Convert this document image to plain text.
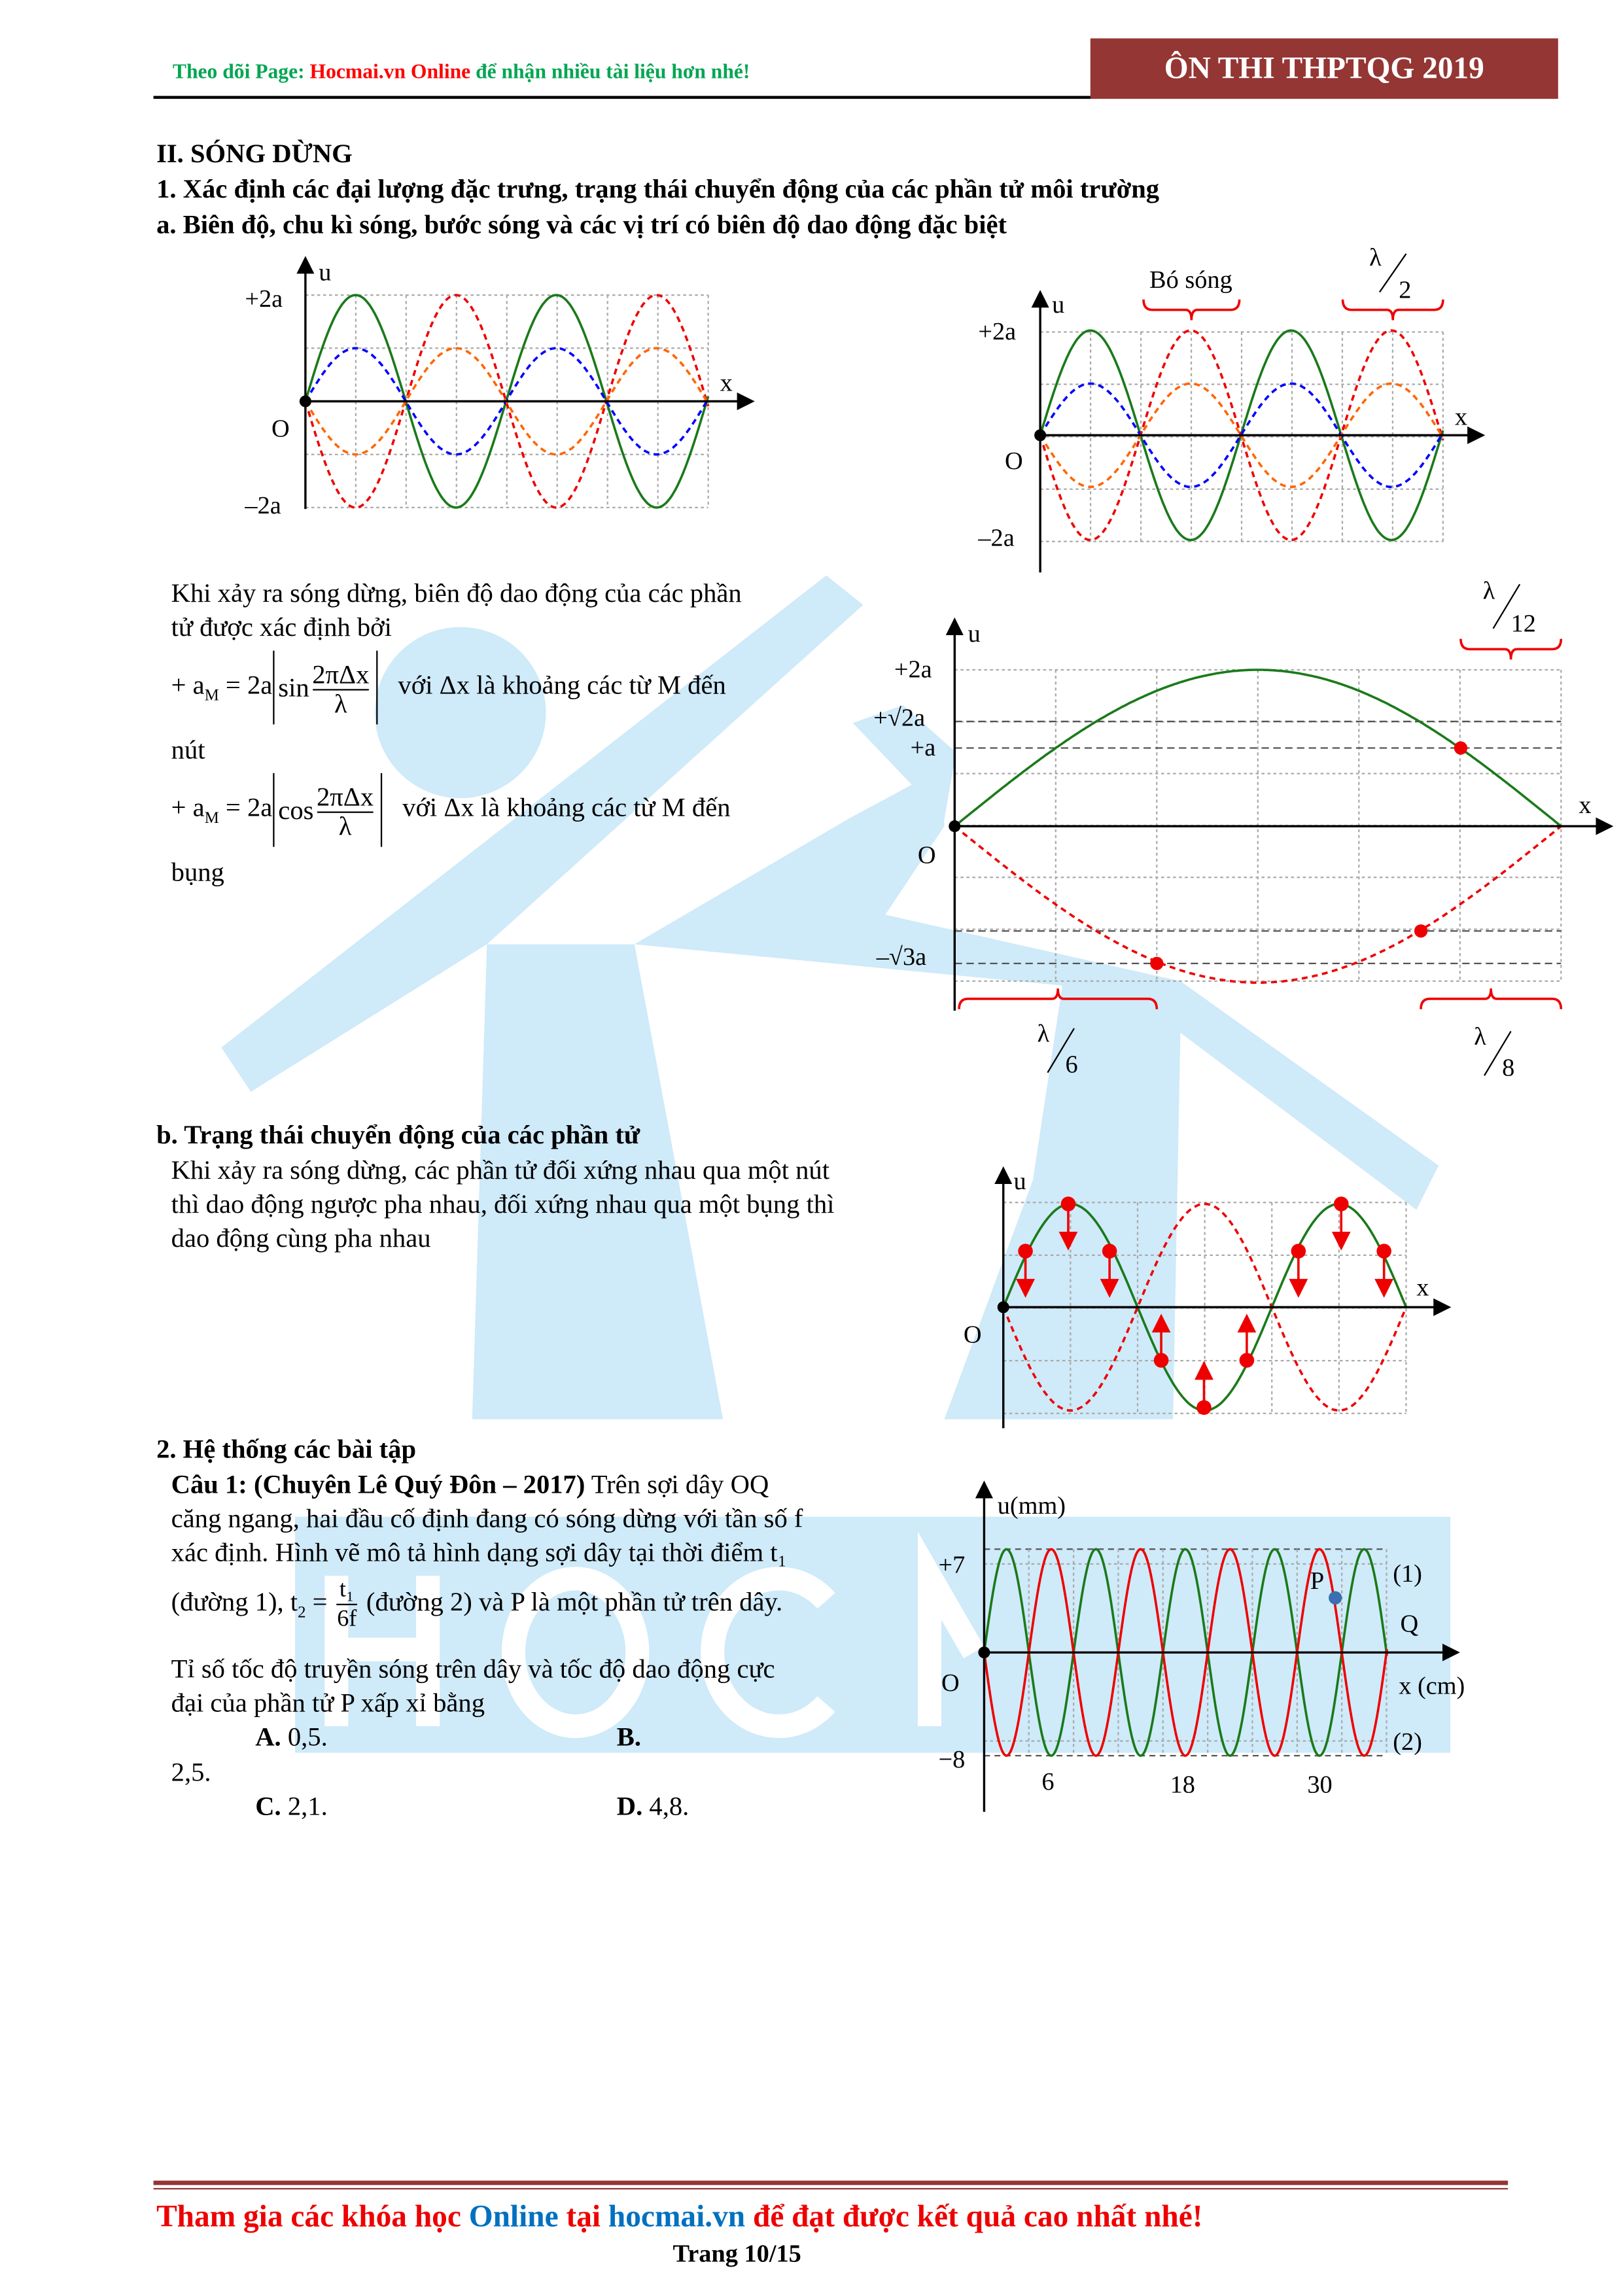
Theo dõi Page: Hocmai.vn Online để nhận nhiều tài liệu hơn nhé!	ÔN THI THPTQG 2019
II. SÓNG DỪNG
1. Xác định các đại lượng đặc trưng, trạng thái chuyển động của các phần tử môi trường
a. Biên độ, chu kì sóng, bước sóng và các vị trí có biên độ dao động đặc biệt
u
x
O
+2a
–2a
u
x
O
+2a
–2a
Bó sóng
λ
2
u
x
O
+2a
+√2a
+a
–√3a
λ
12
λ
6
λ
8
u
x
O
u(mm)
x (cm)
O
+7
−8
6	18	30
(1)
(2)
Q
P
Khi xảy ra sóng dừng, biên độ dao động của các phần
tử được xác định bởi
+ $a_M = 2a$ $\sin \frac{\text{2πΔx}}{\lambda}$ với Δx là khoảng các từ M đến
nút
+ $a_M = 2a$ $\cos \frac{\text{2πΔx}}{\lambda}$ với Δx là khoảng các từ M đến
bụng
b. Trạng thái chuyển động của các phần tử
Khi xảy ra sóng dừng, các phần tử đối xứng nhau qua một nút
thì dao động ngược pha nhau, đối xứng nhau qua một bụng thì
dao động cùng pha nhau
2. Hệ thống các bài tập
Câu 1: (Chuyên Lê Quý Đôn – 2017) Trên sợi dây OQ
căng ngang, hai đầu cố định đang có sóng dừng với tần số f
xác định. Hình vẽ mô tả hình dạng sợi dây tại thời điểm t₁
(đường 1), $t_2 = \frac{\text{t₁}}{6f}$ (đường 2) và P là một phần tử trên dây.
Tỉ số tốc độ truyền sóng trên dây và tốc độ dao động cực
đại của phần tử P xấp xỉ bằng
A. 0,5.	B.
2,5.
C. 2,1.	D. 4,8.
Tham gia các khóa học Online tại hocmai.vn để đạt được kết quả cao nhất nhé!
Trang 10/15
